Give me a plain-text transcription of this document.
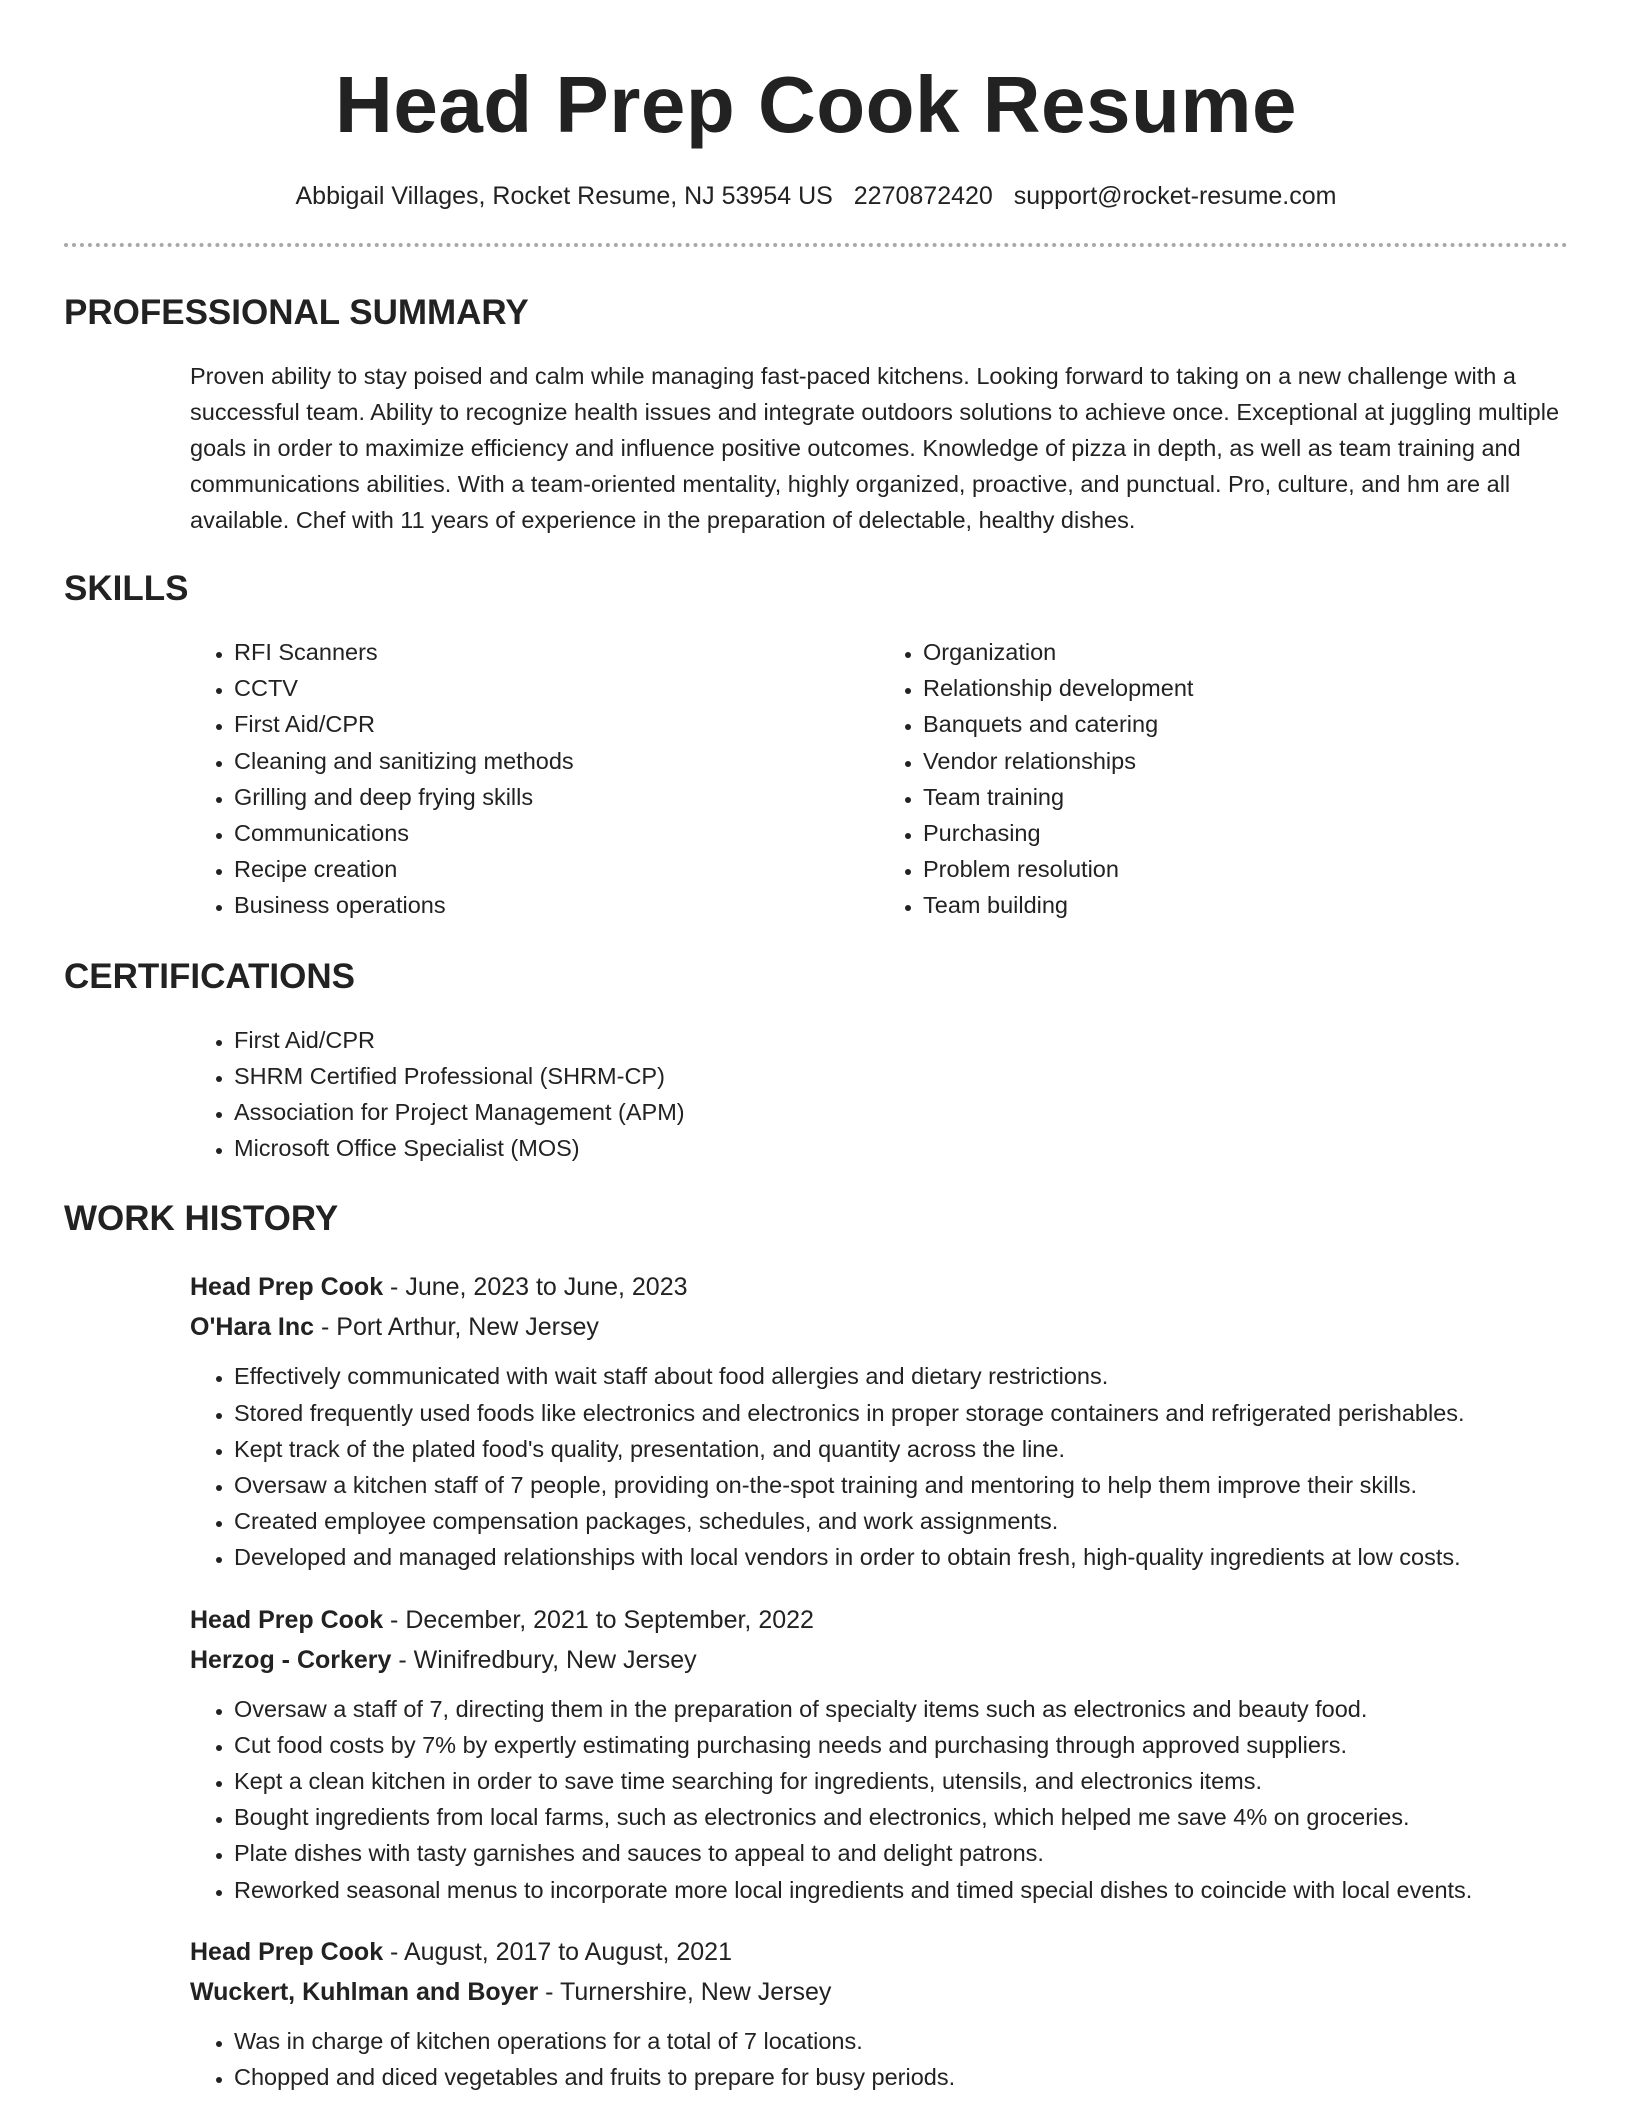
Head Prep Cook Resume
Abbigail Villages, Rocket Resume, NJ 53954 US 2270872420 support@rocket-resume.com
PROFESSIONAL SUMMARY

Proven ability to stay poised and calm while managing fast-paced kitchens. Looking forward to taking on a new challenge with a successful team. Ability to recognize health issues and integrate outdoors solutions to achieve once. Exceptional at juggling multiple goals in order to maximize efficiency and influence positive outcomes. Knowledge of pizza in depth, as well as team training and communications abilities. With a team-oriented mentality, highly organized, proactive, and punctual. Pro, culture, and hm are all available. Chef with 11 years of experience in the preparation of delectable, healthy dishes.

SKILLS
• RFI Scanners
• CCTV
• First Aid/CPR
• Cleaning and sanitizing methods
• Grilling and deep frying skills
• Communications
• Recipe creation
• Business operations
• Organization
• Relationship development
• Banquets and catering
• Vendor relationships
• Team training
• Purchasing
• Problem resolution
• Team building
CERTIFICATIONS
• First Aid/CPR
• SHRM Certified Professional (SHRM-CP)
• Association for Project Management (APM)
• Microsoft Office Specialist (MOS)
WORK HISTORY
Head Prep Cook - June, 2023 to June, 2023
O'Hara Inc - Port Arthur, New Jersey
• Effectively communicated with wait staff about food allergies and dietary restrictions.
• Stored frequently used foods like electronics and electronics in proper storage containers and refrigerated perishables.
• Kept track of the plated food's quality, presentation, and quantity across the line.
• Oversaw a kitchen staff of 7 people, providing on-the-spot training and mentoring to help them improve their skills.
• Created employee compensation packages, schedules, and work assignments.
• Developed and managed relationships with local vendors in order to obtain fresh, high-quality ingredients at low costs.
Head Prep Cook - December, 2021 to September, 2022
Herzog - Corkery - Winifredbury, New Jersey
• Oversaw a staff of 7, directing them in the preparation of specialty items such as electronics and beauty food.
• Cut food costs by 7% by expertly estimating purchasing needs and purchasing through approved suppliers.
• Kept a clean kitchen in order to save time searching for ingredients, utensils, and electronics items.
• Bought ingredients from local farms, such as electronics and electronics, which helped me save 4% on groceries.
• Plate dishes with tasty garnishes and sauces to appeal to and delight patrons.
• Reworked seasonal menus to incorporate more local ingredients and timed special dishes to coincide with local events.
Head Prep Cook - August, 2017 to August, 2021
Wuckert, Kuhlman and Boyer - Turnershire, New Jersey
• Was in charge of kitchen operations for a total of 7 locations.
• Chopped and diced vegetables and fruits to prepare for busy periods.
